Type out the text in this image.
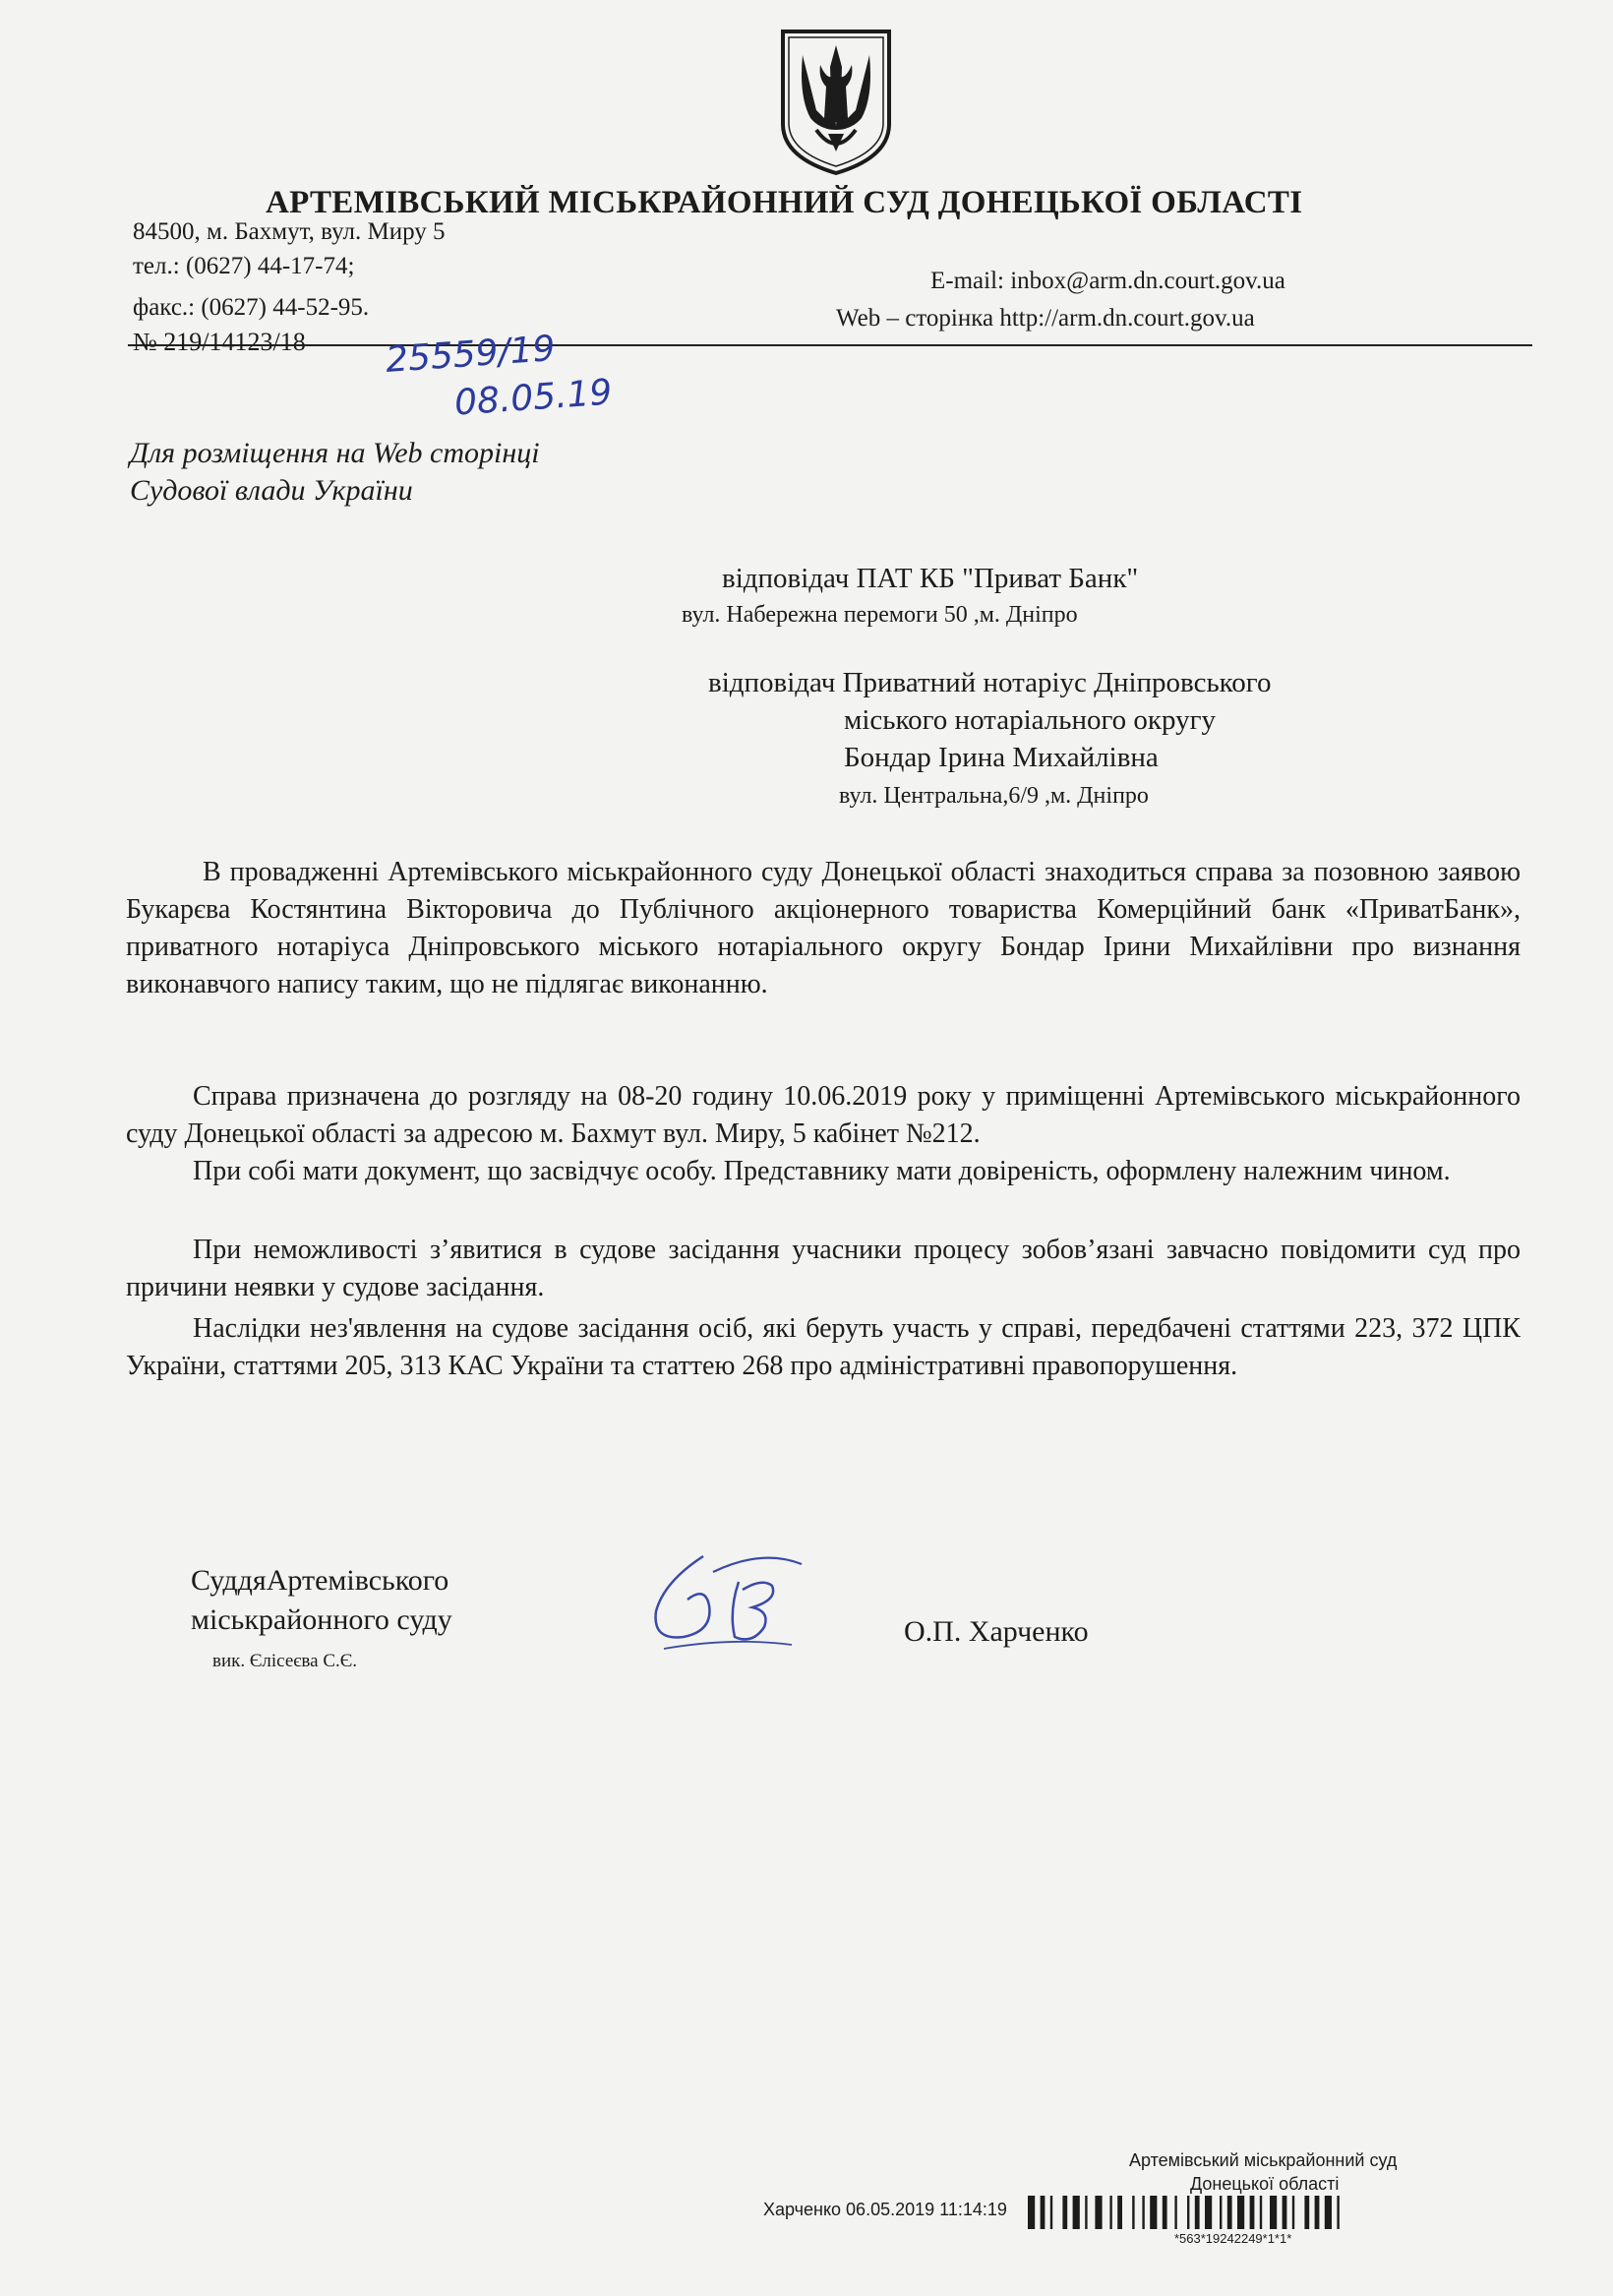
АРТЕМІВСЬКИЙ МІСЬКРАЙОННИЙ СУД ДОНЕЦЬКОЇ ОБЛАСТІ
84500, м. Бахмут, вул. Миру 5
тел.: (0627) 44-17-74;
факс.: (0627) 44-52-95.
E-mail: inbox@arm.dn.court.gov.ua
Web – сторінка http://arm.dn.court.gov.ua
№ 219/14123/18 25559/19
08.05.19
Для розміщення на Web сторінці
Судової влади України
відповідач ПАТ КБ "Приват Банк"
вул. Набережна перемоги 50 ,м. Дніпро
відповідач Приватний нотаріус Дніпровського
міського нотаріального округу
Бондар Ірина Михайлівна
вул. Центральна,6/9 ,м. Дніпро
В провадженні Артемівського міськрайонного суду Донецької області знаходиться справа за позовною заявою Букарєва Костянтина Вікторовича до Публічного акціонерного товариства Комерційний банк «ПриватБанк», приватного нотаріуса Дніпровського міського нотаріального округу Бондар Ірини Михайлівни про визнання виконавчого напису таким, що не підлягає виконанню.
Справа призначена до розгляду на 08-20 годину 10.06.2019 року у приміщенні Артемівського міськрайонного суду Донецької області за адресою м. Бахмут вул. Миру, 5 кабінет №212.
При собі мати документ, що засвідчує особу. Представнику мати довіреність, оформлену належним чином.
При неможливості з’явитися в судове засідання учасники процесу зобов’язані завчасно повідомити суд про причини неявки у судове засідання.
Наслідки нез'явлення на судове засідання осіб, які беруть участь у справі, передбачені статтями 223, 372 ЦПК України, статтями 205, 313 КАС України та статтею 268 про адміністративні правопорушення.
СуддяАртемівського
міськрайонного суду
вик. Єлісеєва С.Є.
О.П. Харченко
Артемівський міськрайонний суд
Донецької області
Харченко 06.05.2019 11:14:19
*563*19242249*1*1*
